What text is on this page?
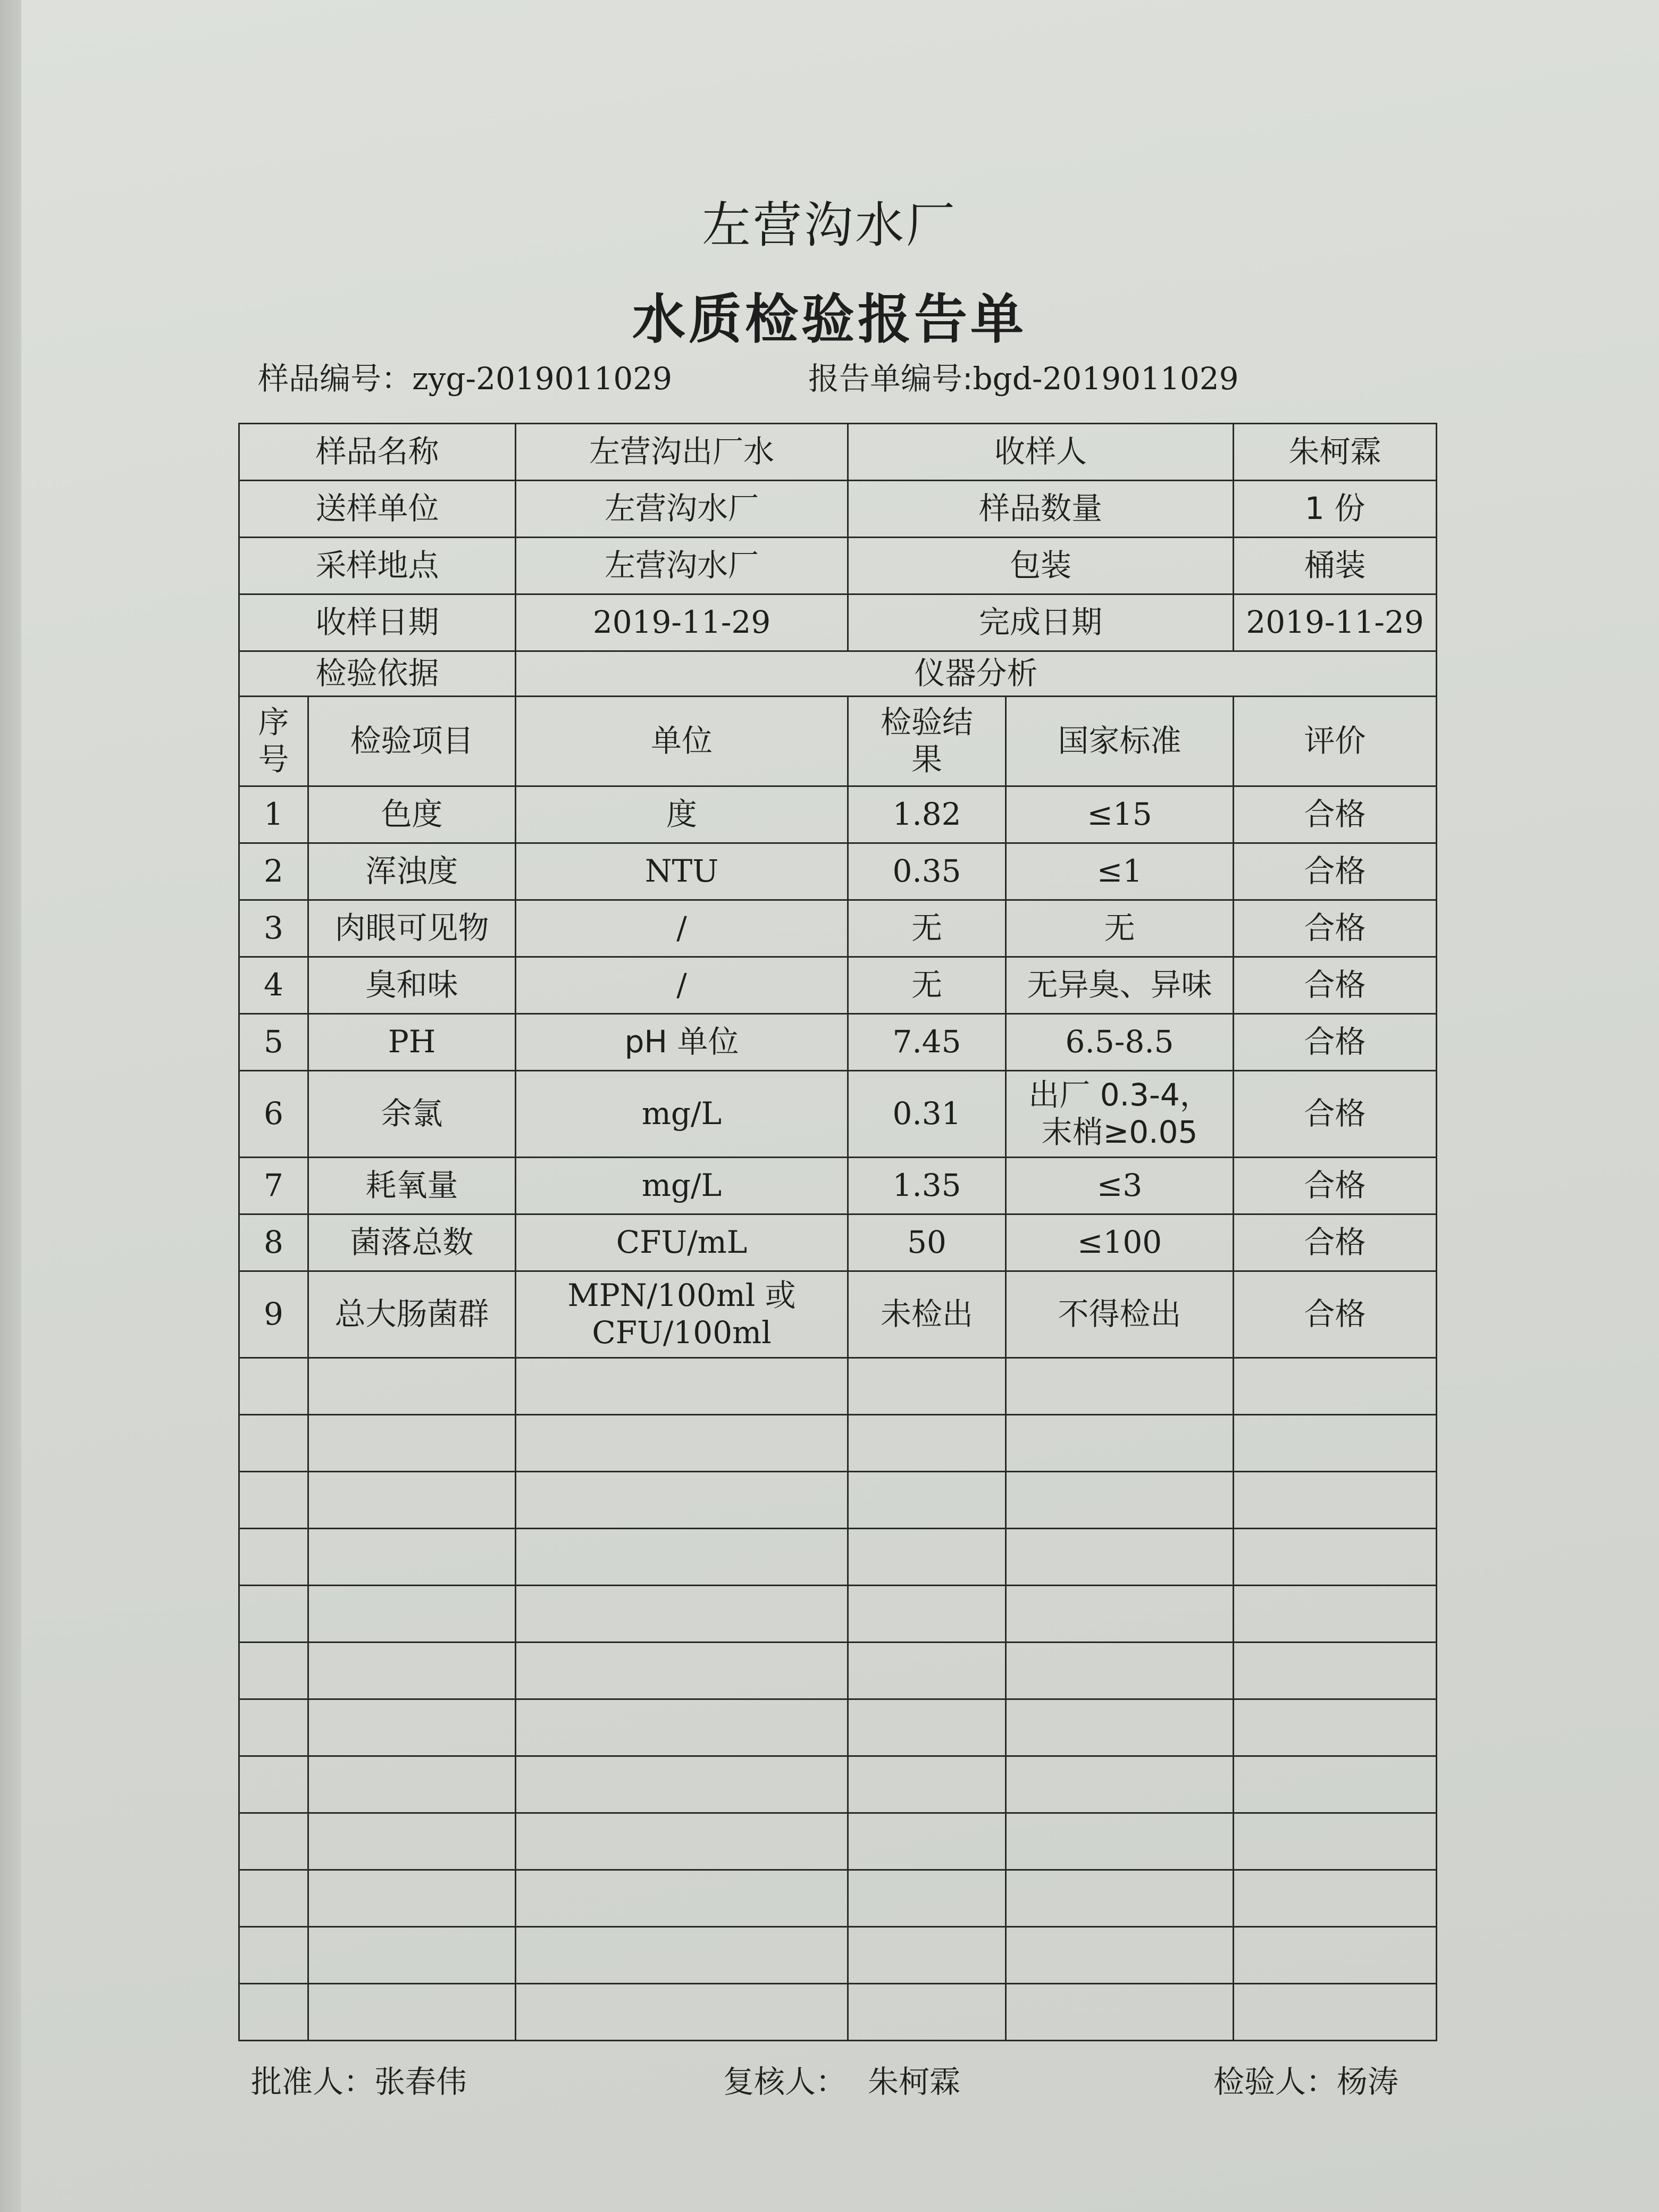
左营沟水厂
水质检验报告单
样品编号：zyg-2019011029	报告单编号:bgd-2019011029
样品名称		左营沟出厂水	收样人		朱柯霖
送样单位		左营沟水厂	样品数量		1 份
采样地点		左营沟水厂	包装		桶装
收样日期		2019-11-29	完成日期		2019-11-29
检验依据		仪器分析			
序号	检验项目	单位	检验结果	国家标准	评价
1	色度	度	1.82	≤15	合格
2	浑浊度	NTU	0.35	≤1	合格
3	肉眼可见物	/	无	无	合格
4	臭和味	/	无	无异臭、异味	合格
5	PH	pH 单位	7.45	6.5-8.5	合格
6	余氯	mg/L	0.31	出厂 0.3-4，
末梢≥0.05	合格
7	耗氧量	mg/L	1.35	≤3	合格
8	菌落总数	CFU/mL	50	≤100	合格
9	总大肠菌群	MPN/100ml 或
CFU/100ml	未检出	不得检出	合格

批准人：张春伟	复核人： 朱柯霖	检验人：杨涛
